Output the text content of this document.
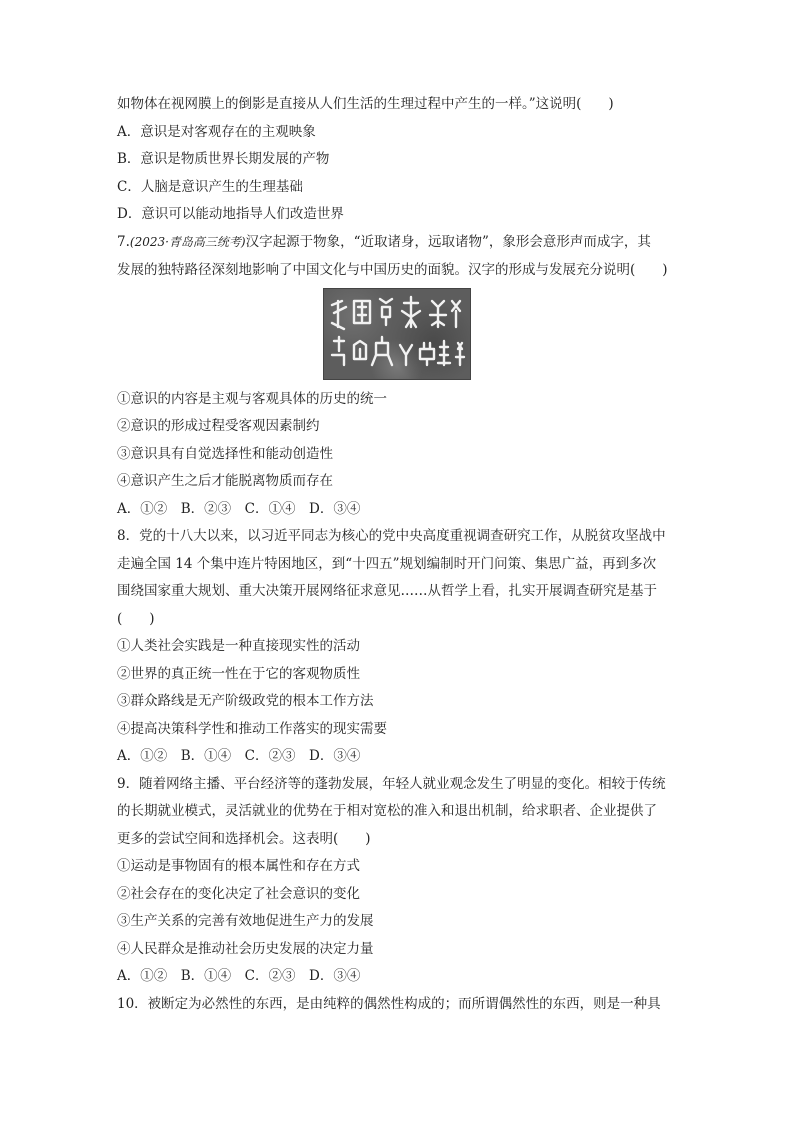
如物体在视网膜上的倒影是直接从人们生活的生理过程中产生的一样。”这说明(　　)
A．意识是对客观存在的主观映象
B．意识是物质世界长期发展的产物
C．人脑是意识产生的生理基础
D．意识可以能动地指导人们改造世界
7.(2023·青岛高三统考)汉字起源于物象，“近取诸身，远取诸物”，象形会意形声而成字，其
发展的独特路径深刻地影响了中国文化与中国历史的面貌。汉字的形成与发展充分说明(　　)
①意识的内容是主观与客观具体的历史的统一
②意识的形成过程受客观因素制约
③意识具有自觉选择性和能动创造性
④意识产生之后才能脱离物质而存在
A．①②　B．②③　C．①④　D．③④
8．党的十八大以来，以习近平同志为核心的党中央高度重视调查研究工作，从脱贫攻坚战中
走遍全国 14 个集中连片特困地区，到“十四五”规划编制时开门问策、集思广益，再到多次
围绕国家重大规划、重大决策开展网络征求意见……从哲学上看，扎实开展调查研究是基于
(　　)
①人类社会实践是一种直接现实性的活动
②世界的真正统一性在于它的客观物质性
③群众路线是无产阶级政党的根本工作方法
④提高决策科学性和推动工作落实的现实需要
A．①②　B．①④　C．②③　D．③④
9．随着网络主播、平台经济等的蓬勃发展，年轻人就业观念发生了明显的变化。相较于传统
的长期就业模式，灵活就业的优势在于相对宽松的准入和退出机制，给求职者、企业提供了
更多的尝试空间和选择机会。这表明(　　)
①运动是事物固有的根本属性和存在方式
②社会存在的变化决定了社会意识的变化
③生产关系的完善有效地促进生产力的发展
④人民群众是推动社会历史发展的决定力量
A．①②　B．①④　C．②③　D．③④
10．被断定为必然性的东西，是由纯粹的偶然性构成的；而所谓偶然性的东西，则是一种具
